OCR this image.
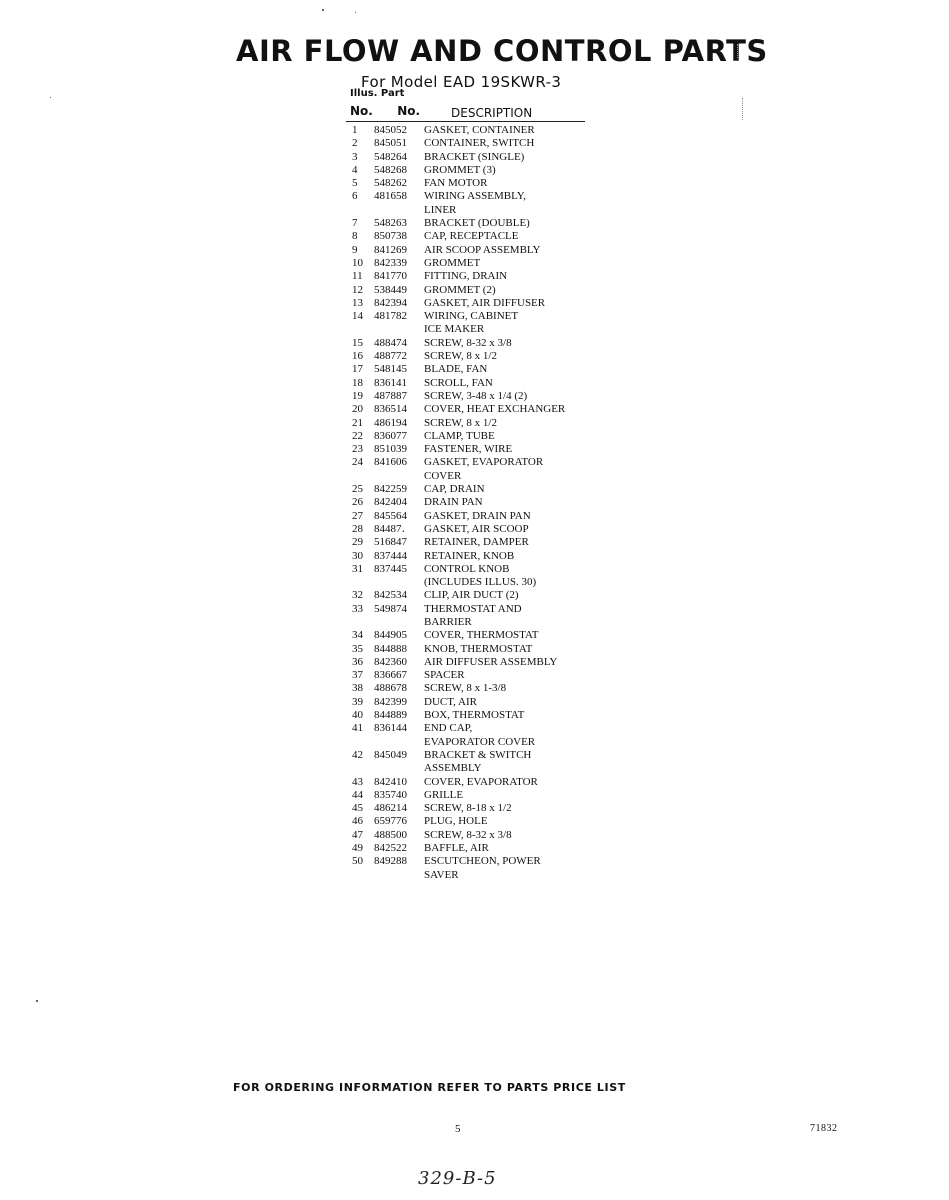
AIR FLOW AND CONTROL PARTS
For Model EAD 19SKWR-3
Illus. Part
No. No.	DESCRIPTION
1	845052	GASKET, CONTAINER
2	845051	CONTAINER, SWITCH
3	548264	BRACKET (SINGLE)
4	548268	GROMMET (3)
5	548262	FAN MOTOR
6	481658	WIRING ASSEMBLY,
LINER
7	548263	BRACKET (DOUBLE)
8	850738	CAP, RECEPTACLE
9	841269	AIR SCOOP ASSEMBLY
10	842339	GROMMET
11	841770	FITTING, DRAIN
12	538449	GROMMET (2)
13	842394	GASKET, AIR DIFFUSER
14	481782	WIRING, CABINET
ICE MAKER
15	488474	SCREW, 8-32 x 3/8
16	488772	SCREW, 8 x 1/2
17	548145	BLADE, FAN
18	836141	SCROLL, FAN
19	487887	SCREW, 3-48 x 1/4 (2)
20	836514	COVER, HEAT EXCHANGER
21	486194	SCREW, 8 x 1/2
22	836077	CLAMP, TUBE
23	851039	FASTENER, WIRE
24	841606	GASKET, EVAPORATOR
COVER
25	842259	CAP, DRAIN
26	842404	DRAIN PAN
27	845564	GASKET, DRAIN PAN
28	84487․	GASKET, AIR SCOOP
29	516847	RETAINER, DAMPER
30	837444	RETAINER, KNOB
31	837445	CONTROL KNOB
(INCLUDES ILLUS. 30)
32	842534	CLIP, AIR DUCT (2)
33	549874	THERMOSTAT AND
BARRIER
34	844905	COVER, THERMOSTAT
35	844888	KNOB, THERMOSTAT
36	842360	AIR DIFFUSER ASSEMBLY
37	836667	SPACER
38	488678	SCREW, 8 x 1-3/8
39	842399	DUCT, AIR
40	844889	BOX, THERMOSTAT
41	836144	END CAP,
EVAPORATOR COVER
42	845049	BRACKET & SWITCH
ASSEMBLY
43	842410	COVER, EVAPORATOR
44	835740	GRILLE
45	486214	SCREW, 8-18 x 1/2
46	659776	PLUG, HOLE
47	488500	SCREW, 8-32 x 3/8
49	842522	BAFFLE, AIR
50	849288	ESCUTCHEON, POWER
SAVER
FOR ORDERING INFORMATION REFER TO PARTS PRICE LIST
5	71832
329-B-5
